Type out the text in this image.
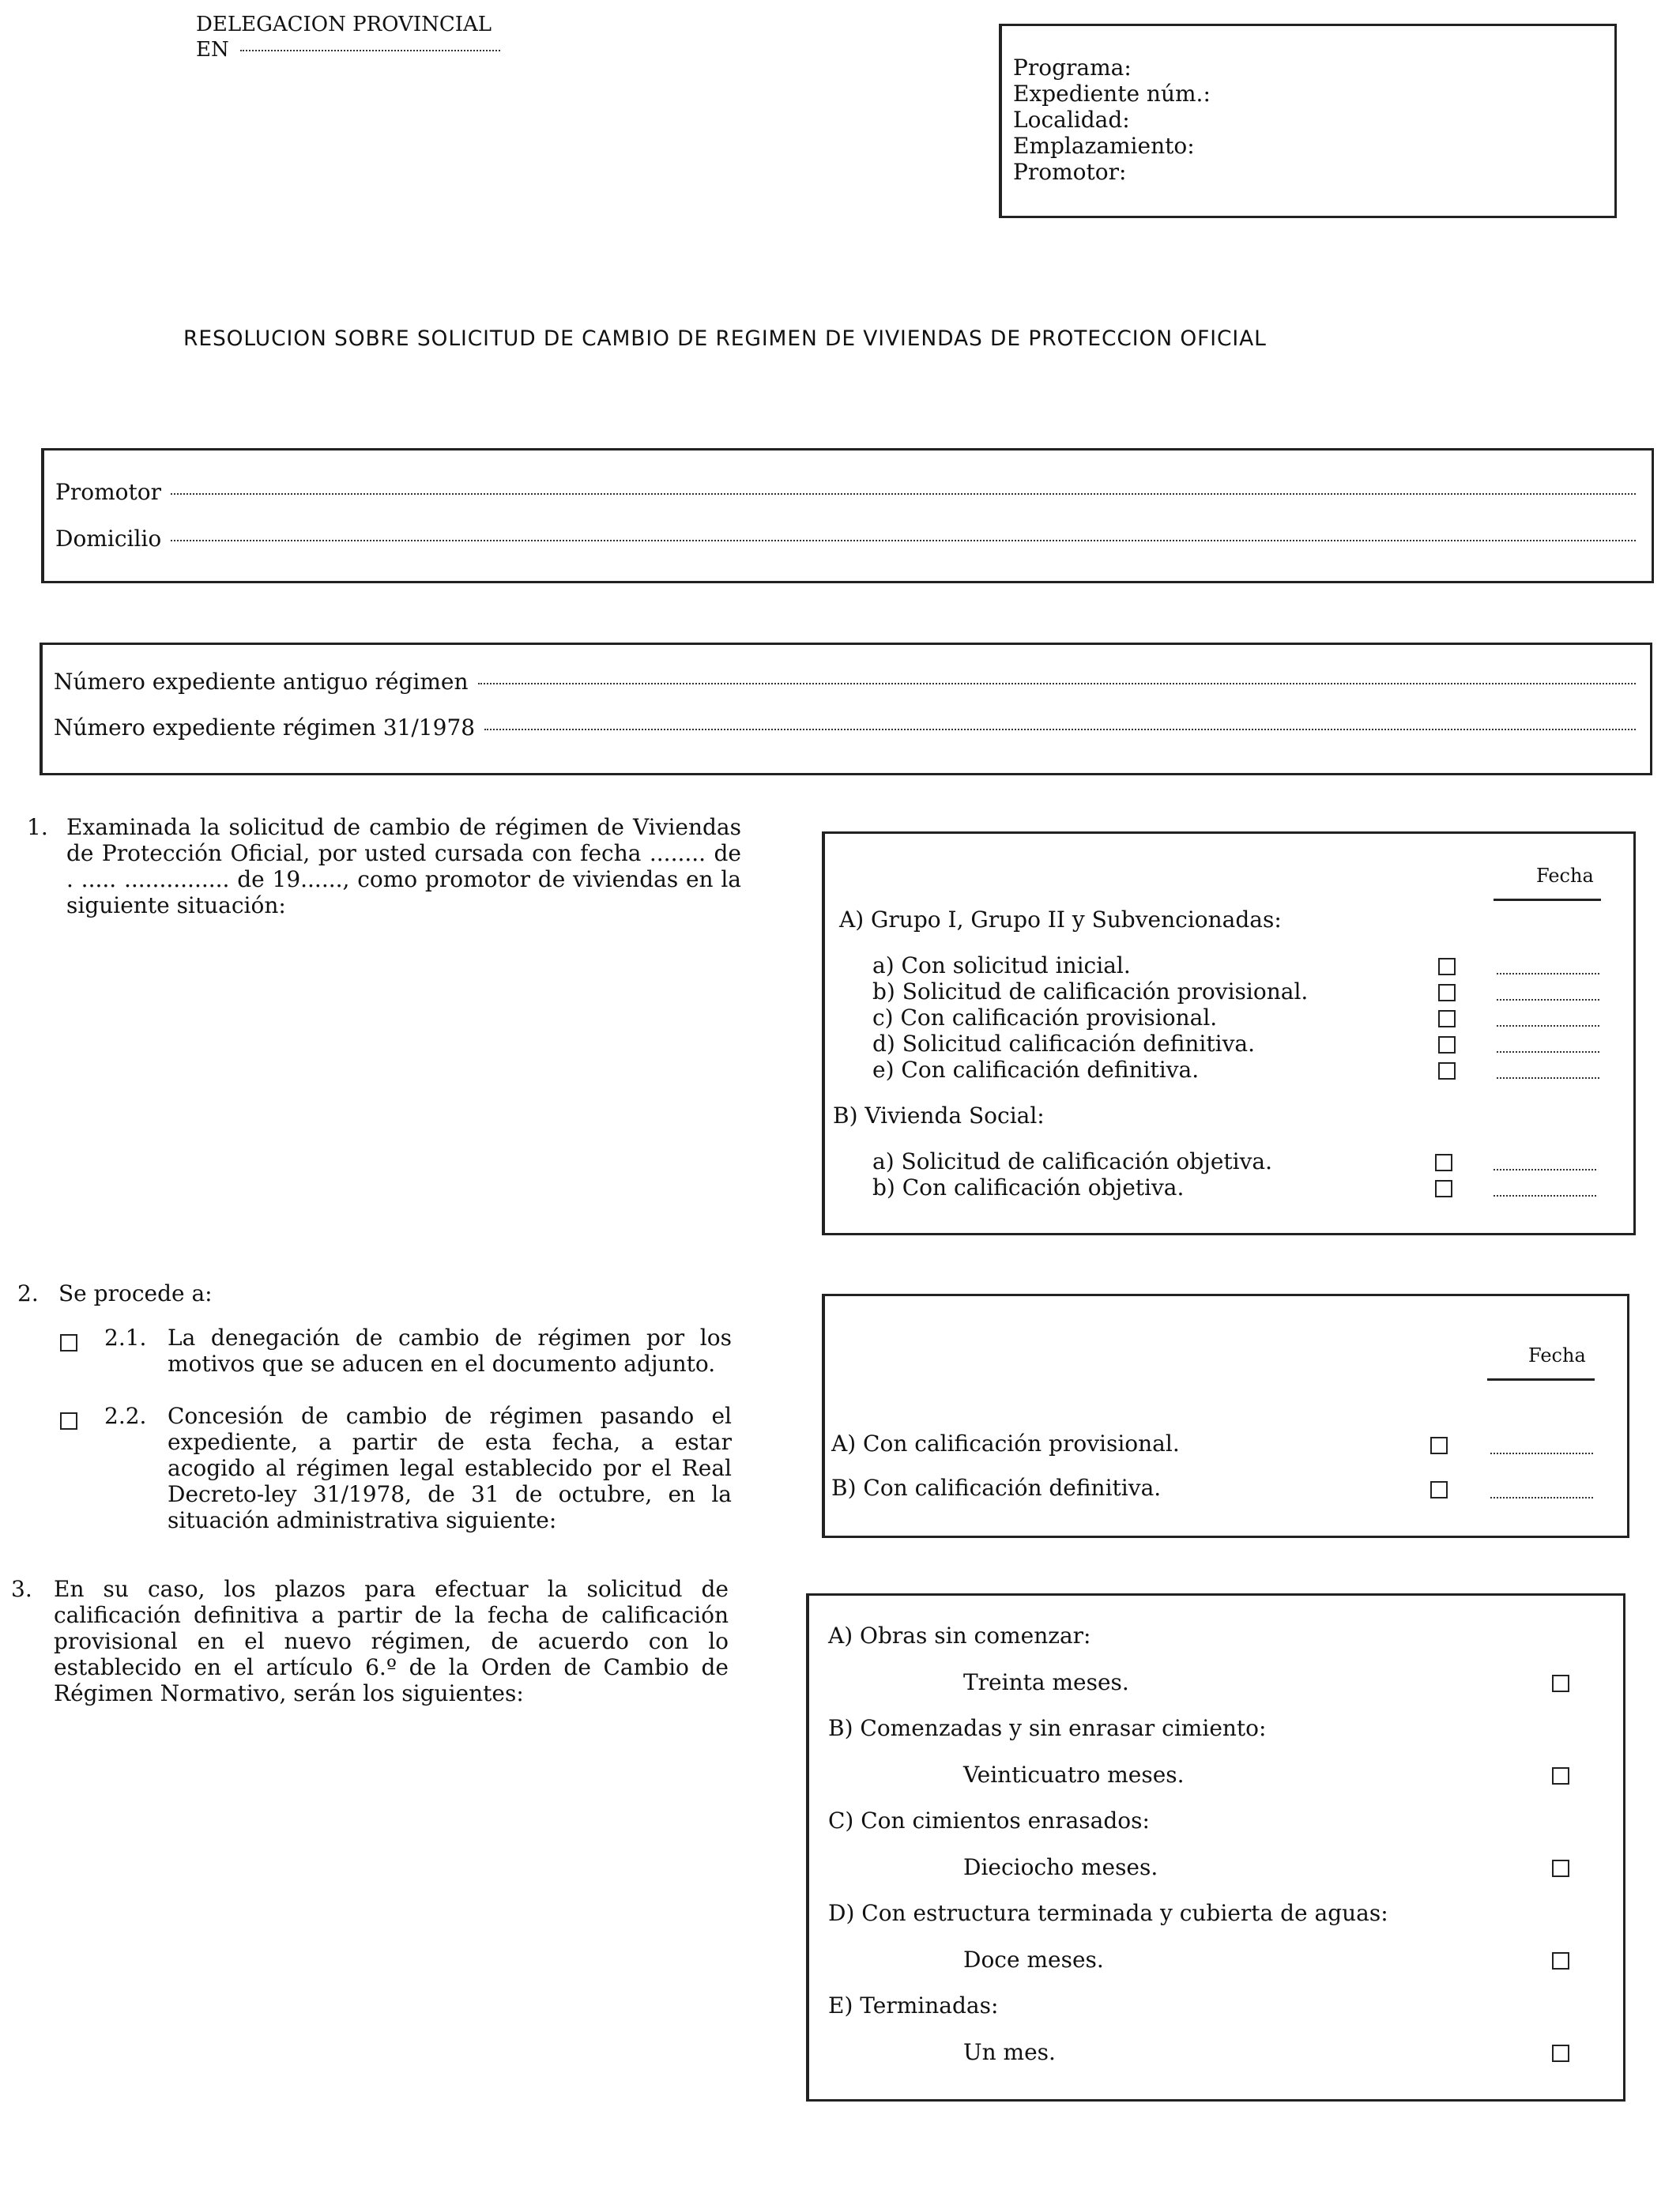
DELEGACION PROVINCIAL
EN
Programa:
Expediente núm.:
Localidad:
Emplazamiento:
Promotor:
RESOLUCION SOBRE SOLICITUD DE CAMBIO DE REGIMEN DE VIVIENDAS DE PROTECCION OFICIAL
Promotor
Domicilio
Número expediente antiguo régimen
Número expediente régimen 31/1978
1. Examinada la solicitud de cambio de régimen de Viviendas de Protección Oficial, por usted cursada con fecha ........ de . ..... ............... de 19......, como promotor de viviendas en la siguiente situación:
Fecha
A) Grupo I, Grupo II y Subvencionadas:
a) Con solicitud inicial.
b) Solicitud de calificación provisional.
c) Con calificación provisional.
d) Solicitud calificación definitiva.
e) Con calificación definitiva.
B) Vivienda Social:
a) Solicitud de calificación objetiva.
b) Con calificación objetiva.
2. Se procede a:
2.1. La denegación de cambio de régimen por los motivos que se aducen en el documento adjunto.
2.2. Concesión de cambio de régimen pasando el expediente, a partir de esta fecha, a estar acogido al régimen legal establecido por el Real Decreto-ley 31/1978, de 31 de octubre, en la situación administrativa siguiente:
Fecha
A) Con calificación provisional.
B) Con calificación definitiva.
3. En su caso, los plazos para efectuar la solicitud de calificación definitiva a partir de la fecha de calificación provisional en el nuevo régimen, de acuerdo con lo establecido en el artículo 6.º de la Orden de Cambio de Régimen Normativo, serán los siguientes:
A) Obras sin comenzar:
Treinta meses.
B) Comenzadas y sin enrasar cimiento:
Veinticuatro meses.
C) Con cimientos enrasados:
Dieciocho meses.
D) Con estructura terminada y cubierta de aguas:
Doce meses.
E) Terminadas:
Un mes.
